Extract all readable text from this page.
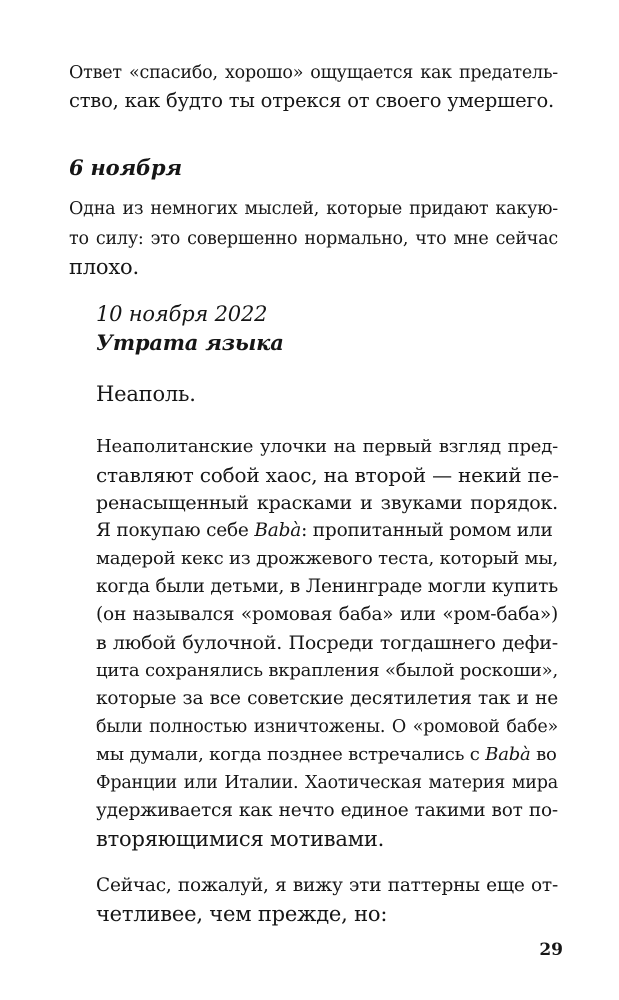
Ответ «спасибо, хорошо» ощущается как предатель-
ство, как будто ты отрекся от своего умершего.
6 ноября
Одна из немногих мыслей, которые придают какую-
то силу: это совершенно нормально, что мне сейчас
плохо.
10 ноября 2022
Утрата языка
Неаполь.
Неаполитанские улочки на первый взгляд пред-
ставляют собой хаос, на второй — некий пе-
ренасыщенный красками и звуками порядок.
Я покупаю себе Babà: пропитанный ромом или
мадерой кекс из дрожжевого теста, который мы,
когда были детьми, в Ленинграде могли купить
(он назывался «ромовая баба» или «ром-баба»)
в любой булочной. Посреди тогдашнего дефи-
цита сохранялись вкрапления «былой роскоши»,
которые за все советские десятилетия так и не
были полностью изничтожены. О «ромовой бабе»
мы думали, когда позднее встречались с Babà во
Франции или Италии. Хаотическая материя мира
удерживается как нечто единое такими вот по-
вторяющимися мотивами.
Сейчас, пожалуй, я вижу эти паттерны еще от-
четливее, чем прежде, но:
29
